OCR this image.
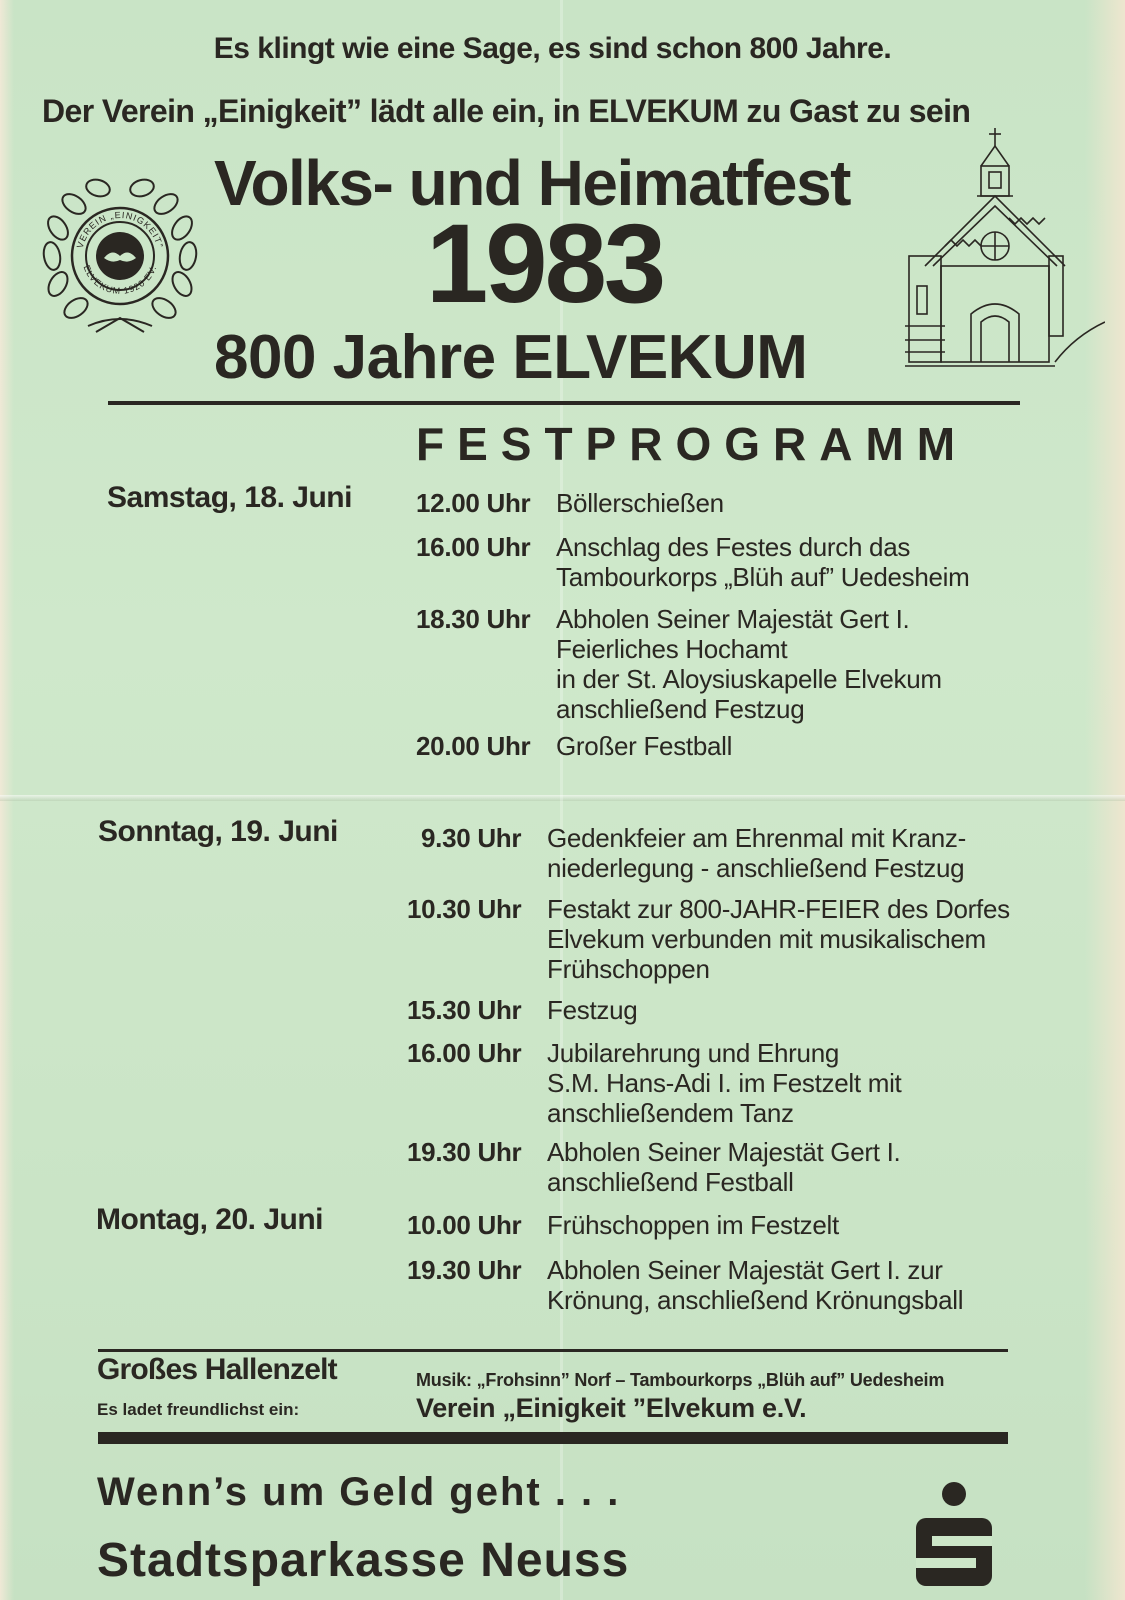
Es klingt wie eine Sage, es sind schon 800 Jahre.
Der Verein „Einigkeit” lädt alle ein, in ELVEKUM zu Gast zu sein
VEREIN „EINIGKEIT”
ELVEKUM 1920 EV.
Volks- und Heimatfest
1983
800 Jahre ELVEKUM
FESTPROGRAMM
Samstag, 18. Juni 12.00 Uhr Böllerschießen
16.00 Uhr Anschlag des Festes durch das
Tambourkorps „Blüh auf” Uedesheim
18.30 Uhr Abholen Seiner Majestät Gert I.
Feierliches Hochamt
in der St. Aloysiuskapelle Elvekum
anschließend Festzug
20.00 Uhr Großer Festball
Sonntag, 19. Juni	9.30 Uhr Gedenkfeier am Ehrenmal mit Kranz-
niederlegung - anschließend Festzug
10.30 Uhr Festakt zur 800-JAHR-FEIER des Dorfes
Elvekum verbunden mit musikalischem
Frühschoppen
15.30 Uhr Festzug
16.00 Uhr Jubilarehrung und Ehrung
S.M. Hans-Adi I. im Festzelt mit
anschließendem Tanz
19.30 Uhr Abholen Seiner Majestät Gert I.
anschließend Festball
Montag, 20. Juni	10.00 Uhr Frühschoppen im Festzelt
19.30 Uhr Abholen Seiner Majestät Gert I. zur
Krönung, anschließend Krönungsball
Großes Hallenzelt
Es ladet freundlichst ein:
Musik: „Frohsinn” Norf – Tambourkorps „Blüh auf” Uedesheim
Verein „Einigkeit ”Elvekum e.V.
Wenn’s um Geld geht . . .
Stadtsparkasse Neuss
